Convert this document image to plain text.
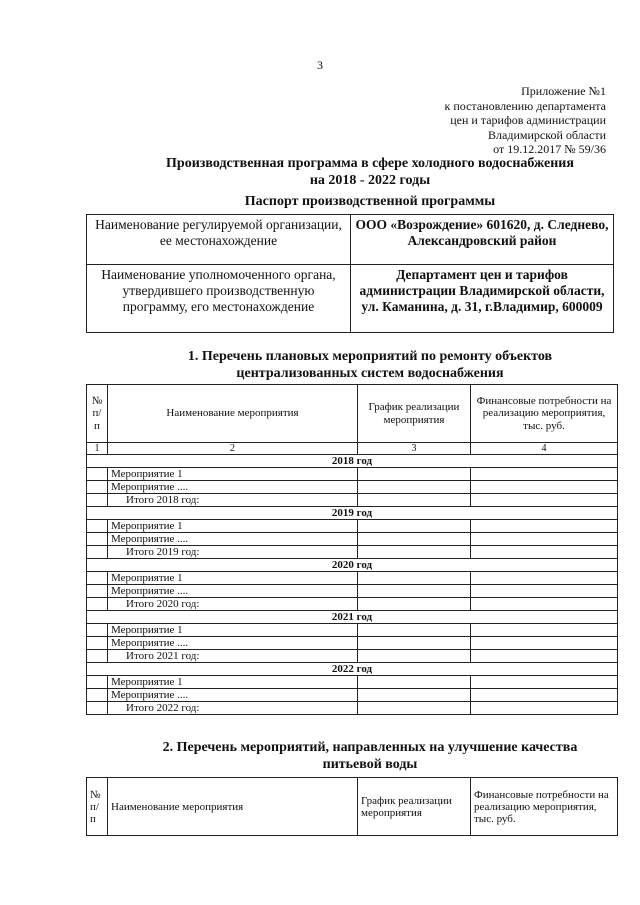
3
Приложение №1
к постановлению департамента
цен и тарифов администрации
Владимирской области
от 19.12.2017 № 59/36
Производственная программа в сфере холодного водоснабжения
на 2018 - 2022 годы
Паспорт производственной программы
Наименование регулируемой организации, ее местонахождение	ООО «Возрождение» 601620, д. Следнево, Александровский район
Наименование уполномоченного органа, утвердившего производственную программу, его местонахождение	Департамент цен и тарифов администрации Владимирской области, ул. Каманина, д. 31, г.Владимир, 600009
1. Перечень плановых мероприятий по ремонту объектов
централизованных систем водоснабжения
№ п/п	Наименование мероприятия	График реализации мероприятия	Финансовые потребности на реализацию мероприятия, тыс. руб.
1	2	3	4
2018 год			
	Мероприятие 1		
	Мероприятие ....		
	Итого 2018 год:		
2019 год			
	Мероприятие 1		
	Мероприятие ....		
	Итого 2019 год:		
2020 год			
	Мероприятие 1		
	Мероприятие ....		
	Итого 2020 год:		
2021 год			
	Мероприятие 1		
	Мероприятие ....		
	Итого 2021 год:		
2022 год			
	Мероприятие 1		
	Мероприятие ....		
	Итого 2022 год:		
2. Перечень мероприятий, направленных на улучшение качества
питьевой воды
№ п/п	Наименование мероприятия	График реализации мероприятия	Финансовые потребности на реализацию мероприятия, тыс. руб.
